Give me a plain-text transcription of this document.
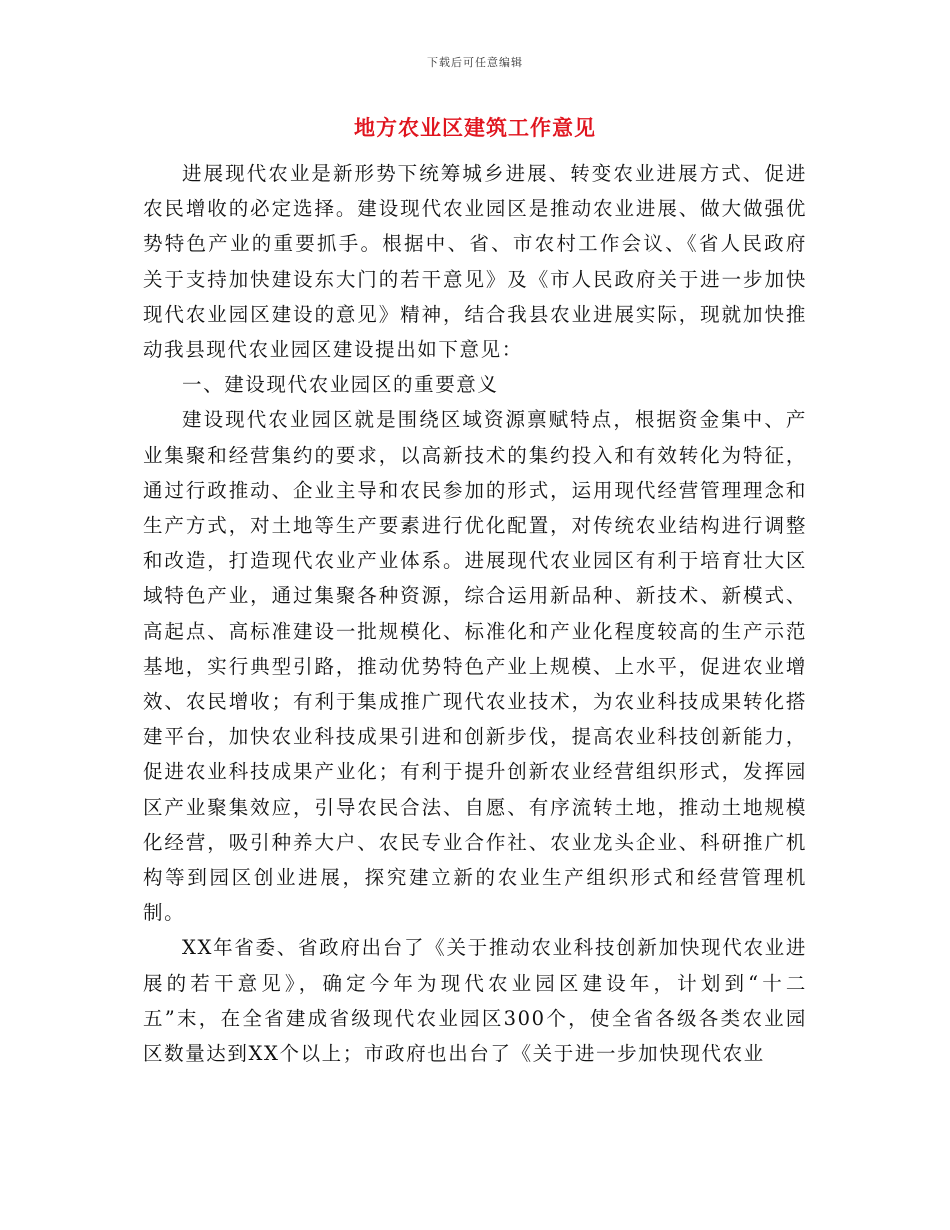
下载后可任意编辑
地方农业区建筑工作意见

进展现代农业是新形势下统筹城乡进展、转变农业进展方式、促进农民增收的必定选择。建设现代农业园区是推动农业进展、做大做强优势特色产业的重要抓手。根据中、省、市农村工作会议、《省人民政府关于支持加快建设东大门的若干意见》及《市人民政府关于进一步加快现代农业园区建设的意见》精神，结合我县农业进展实际，现就加快推动我县现代农业园区建设提出如下意见：

一、建设现代农业园区的重要意义

建设现代农业园区就是围绕区域资源禀赋特点，根据资金集中、产业集聚和经营集约的要求，以高新技术的集约投入和有效转化为特征，通过行政推动、企业主导和农民参加的形式，运用现代经营管理理念和生产方式，对土地等生产要素进行优化配置，对传统农业结构进行调整和改造，打造现代农业产业体系。进展现代农业园区有利于培育壮大区域特色产业，通过集聚各种资源，综合运用新品种、新技术、新模式、高起点、高标准建设一批规模化、标准化和产业化程度较高的生产示范基地，实行典型引路，推动优势特色产业上规模、上水平，促进农业增效、农民增收；有利于集成推广现代农业技术，为农业科技成果转化搭建平台，加快农业科技成果引进和创新步伐，提高农业科技创新能力，促进农业科技成果产业化；有利于提升创新农业经营组织形式，发挥园区产业聚集效应，引导农民合法、自愿、有序流转土地，推动土地规模化经营，吸引种养大户、农民专业合作社、农业龙头企业、科研推广机构等到园区创业进展，探究建立新的农业生产组织形式和经营管理机制。

XX年省委、省政府出台了《关于推动农业科技创新加快现代农业进展的若干意见》，确定今年为现代农业园区建设年，计划到“十二五”末，在全省建成省级现代农业园区300个，使全省各级各类农业园区数量达到XX个以上；市政府也出台了《关于进一步加快现代农业
